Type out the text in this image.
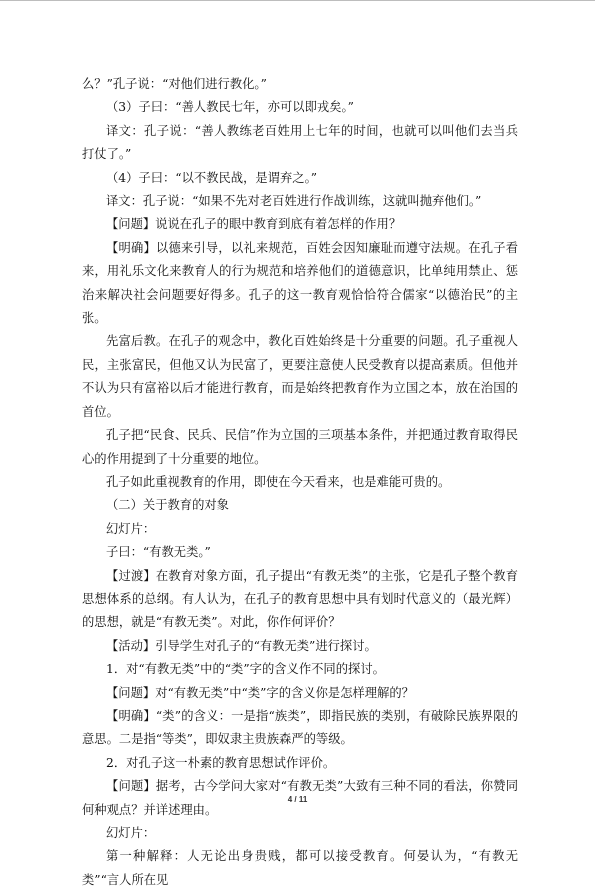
么？”孔子说：“对他们进行教化。”

（3）子曰：“善人教民七年，亦可以即戎矣。”

译文：孔子说：“善人教练老百姓用上七年的时间，也就可以叫他们去当兵打仗了。”

（4）子曰：“以不教民战，是谓弃之。”

译文：孔子说：“如果不先对老百姓进行作战训练，这就叫抛弃他们。”

【问题】说说在孔子的眼中教育到底有着怎样的作用？

【明确】以德来引导，以礼来规范，百姓会因知廉耻而遵守法规。在孔子看来，用礼乐文化来教育人的行为规范和培养他们的道德意识，比单纯用禁止、惩治来解决社会问题要好得多。孔子的这一教育观恰恰符合儒家“以德治民”的主张。

先富后教。在孔子的观念中，教化百姓始终是十分重要的问题。孔子重视人民，主张富民，但他又认为民富了，更要注意使人民受教育以提高素质。但他并不认为只有富裕以后才能进行教育，而是始终把教育作为立国之本，放在治国的首位。

孔子把“民食、民兵、民信”作为立国的三项基本条件，并把通过教育取得民心的作用提到了十分重要的地位。

孔子如此重视教育的作用，即使在今天看来，也是难能可贵的。

（二）关于教育的对象

幻灯片：

子曰：“有教无类。”

【过渡】在教育对象方面，孔子提出“有教无类”的主张，它是孔子整个教育思想体系的总纲。有人认为，在孔子的教育思想中具有划时代意义的（最光辉）的思想，就是“有教无类”。对此，你作何评价？

【活动】引导学生对孔子的“有教无类”进行探讨。

1．对“有教无类”中的“类”字的含义作不同的探讨。

【问题】对“有教无类”中“类”字的含义你是怎样理解的？

【明确】“类”的含义：一是指“族类”，即指民族的类别，有破除民族界限的意思。二是指“等类”，即奴隶主贵族森严的等级。

2．对孔子这一朴素的教育思想试作评价。

【问题】据考，古今学问大家对“有教无类”大致有三种不同的看法，你赞同何种观点？并详述理由。

幻灯片：

第一种解释：人无论出身贵贱，都可以接受教育。何晏认为，“有教无类”“言人所在见

4 / 11
